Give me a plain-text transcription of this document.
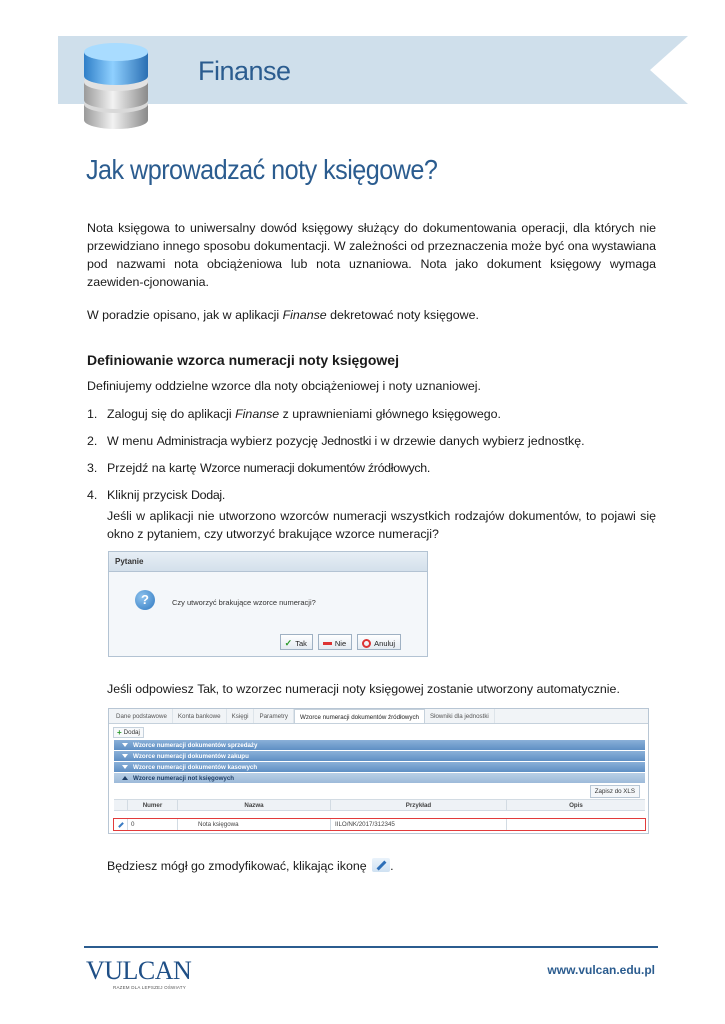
Finanse
Jak wprowadzać noty księgowe?

Nota księgowa to uniwersalny dowód księgowy służący do dokumentowania operacji, dla których nie przewidziano innego sposobu dokumentacji. W zależności od przeznaczenia może być ona wystawiana pod nazwami nota obciążeniowa lub nota uznaniowa. Nota jako dokument księgowy wymaga zaewiden-cjonowania.

W poradzie opisano, jak w aplikacji Finanse dekretować noty księgowe.

Definiowanie wzorca numeracji noty księgowej

Definiujemy oddzielne wzorce dla noty obciążeniowej i noty uznaniowej.

1. Zaloguj się do aplikacji Finanse z uprawnieniami głównego księgowego.
2. W menu Administracja wybierz pozycję Jednostki i w drzewie danych wybierz jednostkę.
3. Przejdź na kartę Wzorce numeracji dokumentów źródłowych.
4. Kliknij przycisk Dodaj.

Jeśli w aplikacji nie utworzono wzorców numeracji wszystkich rodzajów dokumentów, to pojawi się okno z pytaniem, czy utworzyć brakujące wzorce numeracji?

Pytanie
?	Czy utworzyć brakujące wzorce numeracji?
✓ Tak	Nie	Anuluj

Jeśli odpowiesz Tak, to wzorzec numeracji noty księgowej zostanie utworzony automatycznie.

Dane podstawowe	Konta bankowe	Księgi	Parametry	Wzorce numeracji dokumentów źródłowych	Słowniki dla jednostki
+ Dodaj
Wzorce numeracji dokumentów sprzedaży
Wzorce numeracji dokumentów zakupu
Wzorce numeracji dokumentów kasowych
Wzorce numeracji not księgowych
Zapisz do XLS
Numer	Nazwa	Przykład	Opis
0	Nota księgowa	IILO/NK/2017/312345

Będziesz mógł go zmodyfikować, klikając ikonę .

VULCAN
RAZEM DLA LEPSZEJ OŚWIATY
www.vulcan.edu.pl
